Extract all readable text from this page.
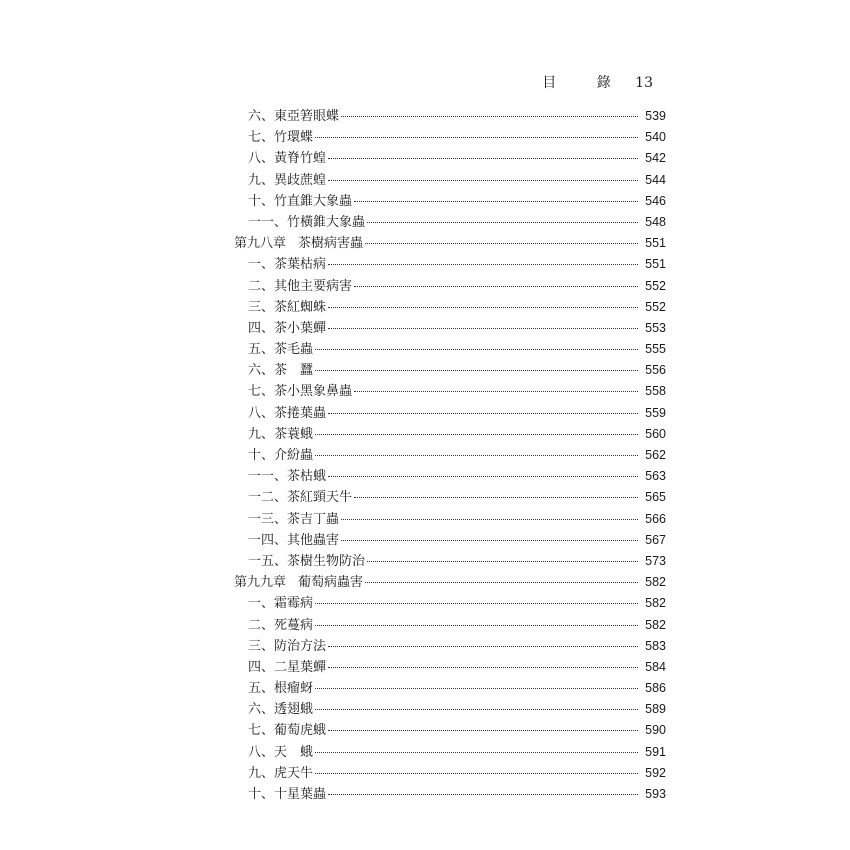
目 錄 13
六、東亞箬眼蝶	539
七、竹環蝶	540
八、黃脊竹蝗	542
九、異歧蔗蝗	544
十、竹直錐大象蟲	546
一一、竹橫錐大象蟲	548
第九八章 茶樹病害蟲	551
一、茶葉枯病	551
二、其他主要病害	552
三、茶紅蜘蛛	552
四、茶小葉蟬	553
五、茶毛蟲	555
六、茶　蠶	556
七、茶小黑象鼻蟲	558
八、茶捲葉蟲	559
九、茶蓑蛾	560
十、介紛蟲	562
一一、茶枯蛾	563
一二、茶紅頸天牛	565
一三、茶吉丁蟲	566
一四、其他蟲害	567
一五、茶樹生物防治	573
第九九章 葡萄病蟲害	582
一、霜霉病	582
二、死蔓病	582
三、防治方法	583
四、二星葉蟬	584
五、根瘤蚜	586
六、透翅蛾	589
七、葡萄虎蛾	590
八、天　蛾	591
九、虎天牛	592
十、十星葉蟲	593
